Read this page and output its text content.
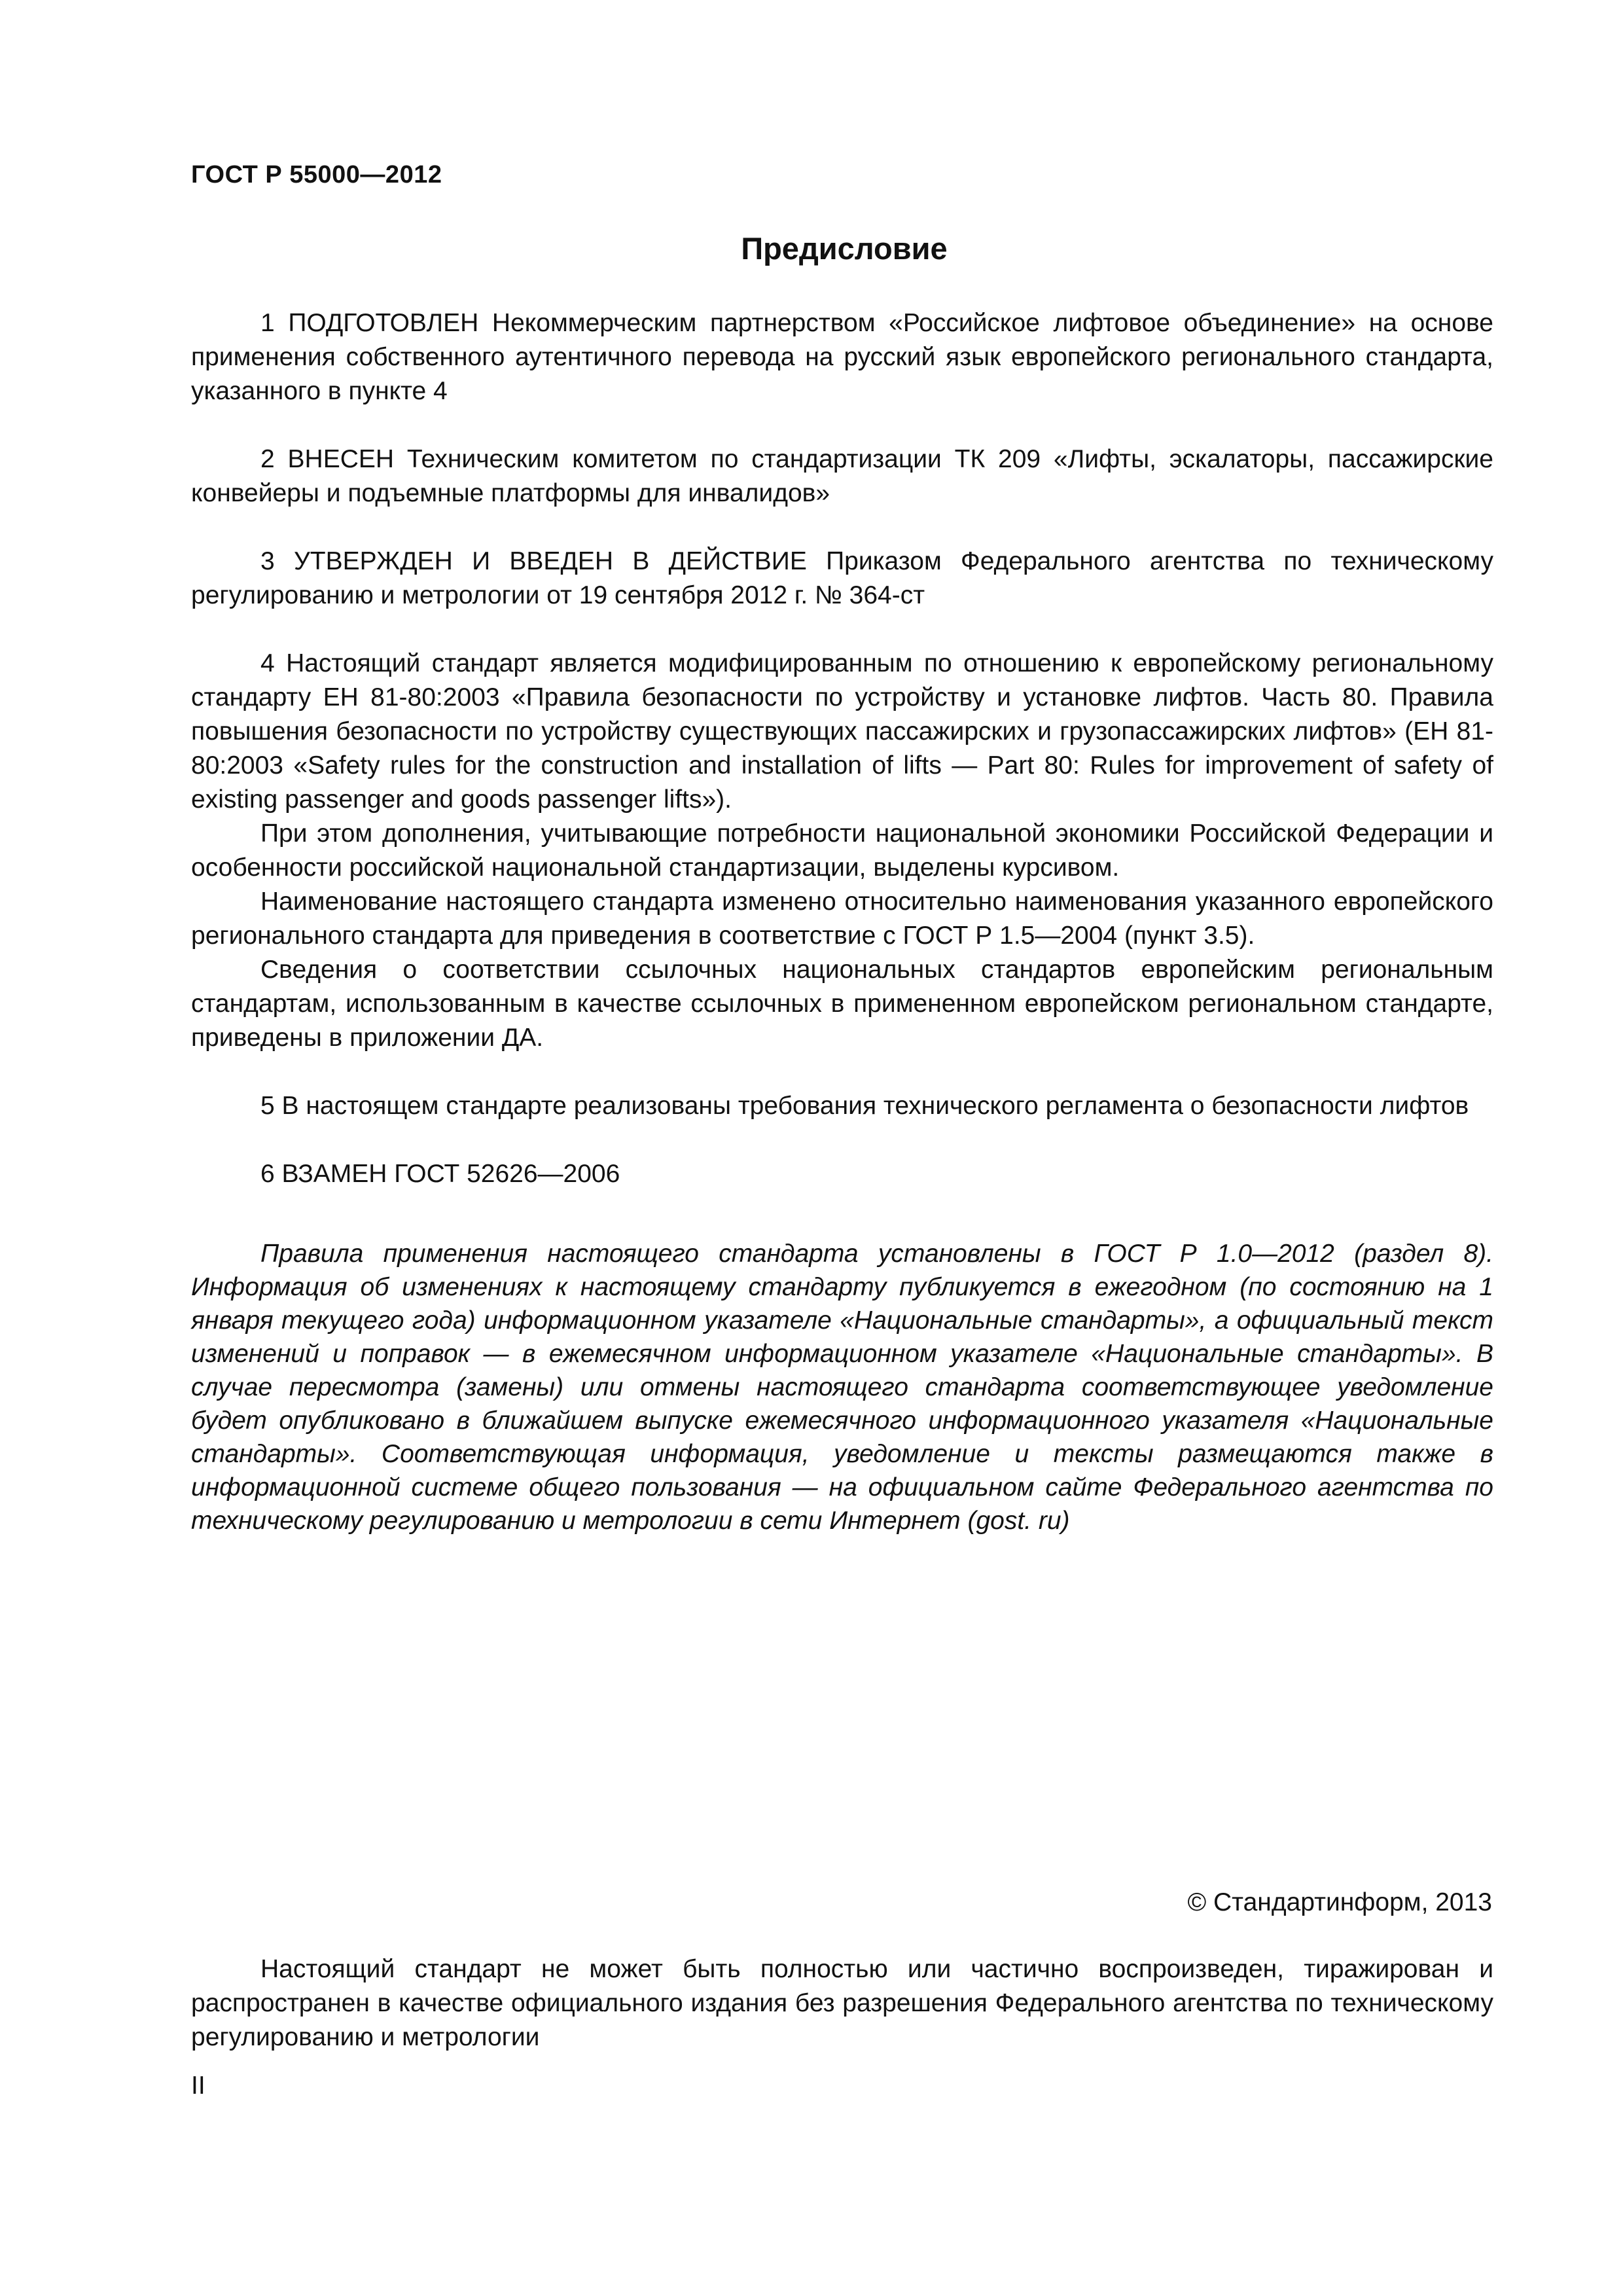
ГОСТ Р 55000—2012

Предисловие

1 ПОДГОТОВЛЕН Некоммерческим партнерством «Российское лифтовое объединение» на основе применения собственного аутентичного перевода на русский язык европейского регионального стандарта, указанного в пункте 4

2 ВНЕСЕН Техническим комитетом по стандартизации ТК 209 «Лифты, эскалаторы, пассажирские конвейеры и подъемные платформы для инвалидов»

3 УТВЕРЖДЕН И ВВЕДЕН В ДЕЙСТВИЕ Приказом Федерального агентства по техническому регулированию и метрологии от 19 сентября 2012 г. № 364-ст

4 Настоящий стандарт является модифицированным по отношению к европейскому региональному стандарту ЕН 81-80:2003 «Правила безопасности по устройству и установке лифтов. Часть 80. Правила повышения безопасности по устройству существующих пассажирских и грузопассажирских лифтов» (EH 81-80:2003 «Safety rules for the construction and installation of lifts — Part 80: Rules for improvement of safety of existing passenger and goods passenger lifts»).

При этом дополнения, учитывающие потребности национальной экономики Российской Федерации и особенности российской национальной стандартизации, выделены курсивом.

Наименование настоящего стандарта изменено относительно наименования указанного европейского регионального стандарта для приведения в соответствие с ГОСТ Р 1.5—2004 (пункт 3.5).

Сведения о соответствии ссылочных национальных стандартов европейским региональным стандартам, использованным в качестве ссылочных в примененном европейском региональном стандарте, приведены в приложении ДА.

5 В настоящем стандарте реализованы требования технического регламента о безопасности лифтов

6 ВЗАМЕН ГОСТ 52626—2006

Правила применения настоящего стандарта установлены в ГОСТ Р 1.0—2012 (раздел 8). Информация об изменениях к настоящему стандарту публикуется в ежегодном (по состоянию на 1 января текущего года) информационном указателе «Национальные стандарты», а официальный текст изменений и поправок — в ежемесячном информационном указателе «Национальные стандарты». В случае пересмотра (замены) или отмены настоящего стандарта соответствующее уведомление будет опубликовано в ближайшем выпуске ежемесячного информационного указателя «Национальные стандарты». Соответствующая информация, уведомление и тексты размещаются также в информационной системе общего пользования — на официальном сайте Федерального агентства по техническому регулированию и метрологии в сети Интернет (gost. ru)

© Стандартинформ, 2013

Настоящий стандарт не может быть полностью или частично воспроизведен, тиражирован и распространен в качестве официального издания без разрешения Федерального агентства по техническому регулированию и метрологии

II
